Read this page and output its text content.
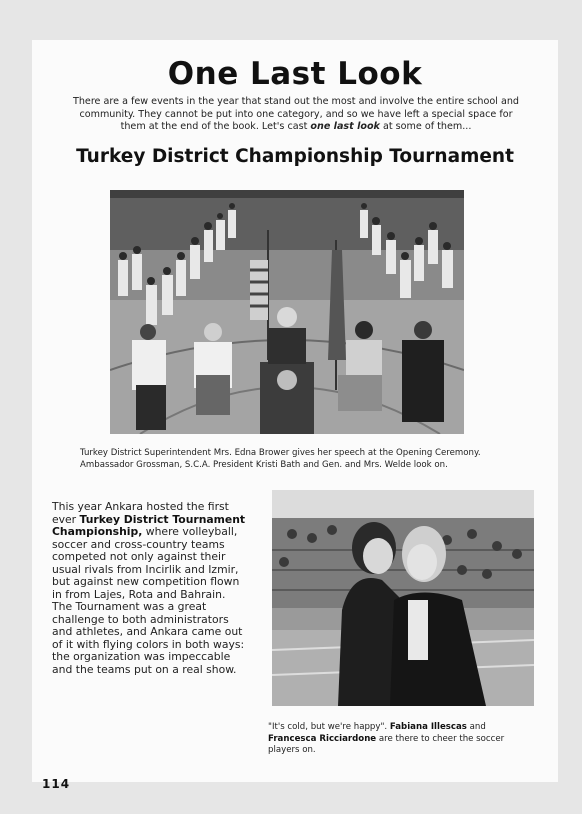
One Last Look
There are a few events in the year that stand out the most and involve the entire school and community. They cannot be put into one category, and so we have left a special space for them at the end of the book. Let's cast one last look at some of them...
Turkey District Championship Tournament
Turkey District Superintendent Mrs. Edna Brower gives her speech at the Opening Ceremony. Ambassador Grossman, S.C.A. President Kristi Bath and Gen. and Mrs. Welde look on.
This year Ankara hosted the first ever Turkey District Tournament Championship, where volleyball, soccer and cross-country teams competed not only against their usual rivals from Incirlik and Izmir, but against new competition flown in from Lajes, Rota and Bahrain. The Tournament was a great challenge to both administrators and athletes, and Ankara came out of it with flying colors in both ways: the organization was impeccable and the teams put on a real show.
"It's cold, but we're happy". Fabiana Illescas and Francesca Ricciardone are there to cheer the soccer players on.
114
